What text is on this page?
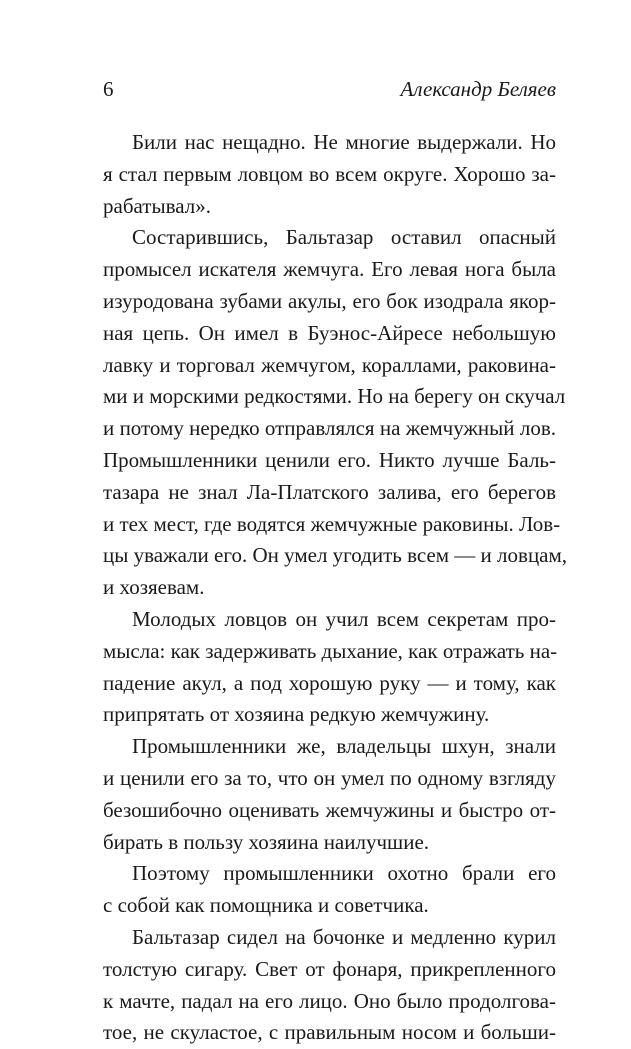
6	Александр Беляев

Били нас нещадно. Не многие выдержали. Но
я стал первым ловцом во всем округе. Хорошо за-
рабатывал».

Состарившись, Бальтазар оставил опасный
промысел искателя жемчуга. Его левая нога была
изуродована зубами акулы, его бок изодрала якор-
ная цепь. Он имел в Буэнос-Айресе небольшую
лавку и торговал жемчугом, кораллами, раковина-
ми и морскими редкостями. Но на берегу он скучал
и потому нередко отправлялся на жемчужный лов.
Промышленники ценили его. Никто лучше Баль-
тазара не знал Ла-Платского залива, его берегов
и тех мест, где водятся жемчужные раковины. Лов-
цы уважали его. Он умел угодить всем — и ловцам,
и хозяевам.

Молодых ловцов он учил всем секретам про-
мысла: как задерживать дыхание, как отражать на-
падение акул, а под хорошую руку — и тому, как
припрятать от хозяина редкую жемчужину.

Промышленники же, владельцы шхун, знали
и ценили его за то, что он умел по одному взгляду
безошибочно оценивать жемчужины и быстро от-
бирать в пользу хозяина наилучшие.

Поэтому промышленники охотно брали его
с собой как помощника и советчика.

Бальтазар сидел на бочонке и медленно курил
толстую сигару. Свет от фонаря, прикрепленного
к мачте, падал на его лицо. Оно было продолгова-
тое, не скуластое, с правильным носом и больши-
